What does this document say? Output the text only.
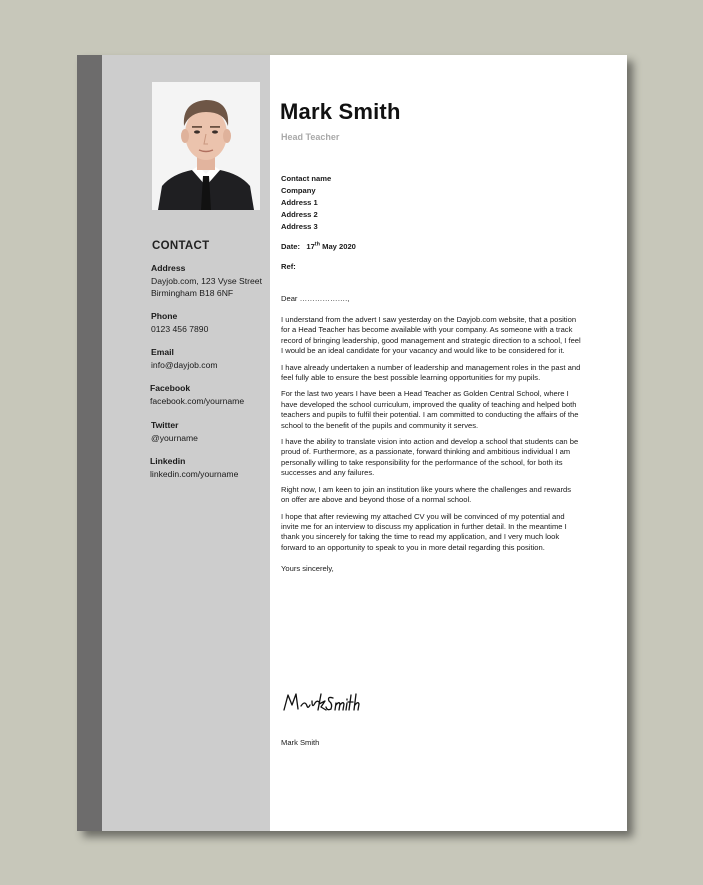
CONTACT
Address
Dayjob.com, 123 Vyse Street
Birmingham B18 6NF
Phone
0123 456 7890
Email
info@dayjob.com
Facebook
facebook.com/yourname
Twitter
@yourname
Linkedin
linkedin.com/yourname
Mark Smith
Head Teacher
Contact name
Company
Address 1
Address 2
Address 3
Date: 17th May 2020
Ref:
Dear ……………….,

I understand from the advert I saw yesterday on the Dayjob.com website, that a position for a Head Teacher has become available with your company. As someone with a track record of bringing leadership, good management and strategic direction to a school, I feel I would be an ideal candidate for your vacancy and would like to be considered for it.

I have already undertaken a number of leadership and management roles in the past and feel fully able to ensure the best possible learning opportunities for my pupils.

For the last two years I have been a Head Teacher as Golden Central School, where I have developed the school curriculum, improved the quality of teaching and helped both teachers and pupils to fulfil their potential. I am committed to conducting the affairs of the school to the benefit of the pupils and community it serves.

I have the ability to translate vision into action and develop a school that students can be proud of. Furthermore, as a passionate, forward thinking and ambitious individual I am personally willing to take responsibility for the performance of the school, for both its successes and any failures.

Right now, I am keen to join an institution like yours where the challenges and rewards on offer are above and beyond those of a normal school.

I hope that after reviewing my attached CV you will be convinced of my potential and invite me for an interview to discuss my application in further detail. In the meantime I thank you sincerely for taking the time to read my application, and I very much look forward to an opportunity to speak to you in more detail regarding this position.

Yours sincerely,
Mark Smith
